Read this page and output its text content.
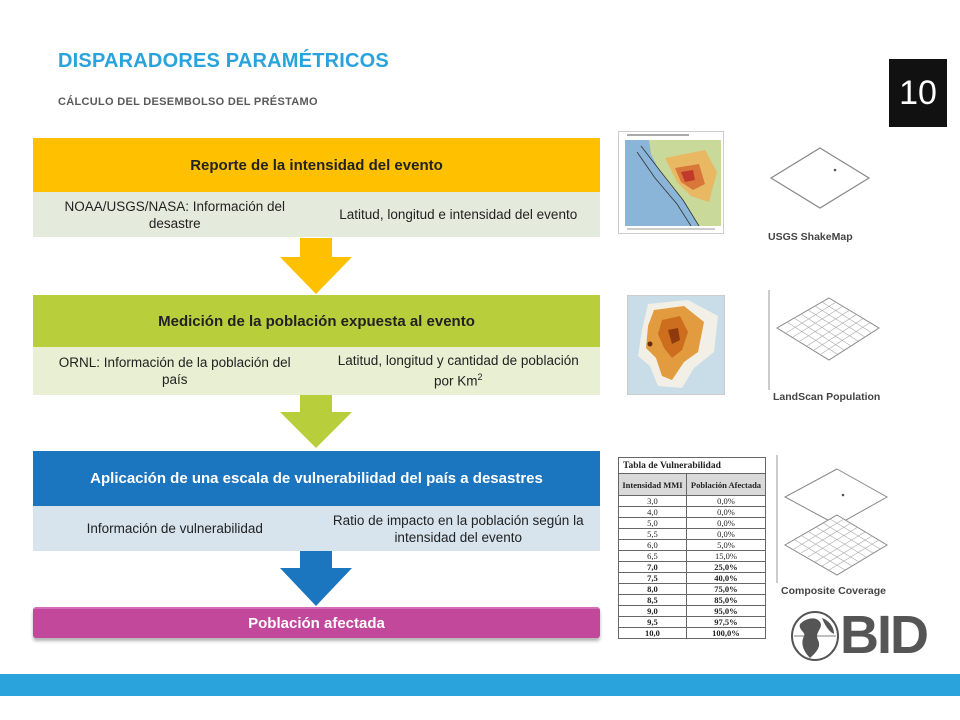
DISPARADORES PARAMÉTRICOS
CÁLCULO DEL DESEMBOLSO DEL PRÉSTAMO	10
Reporte de la intensidad del evento
NOAA/USGS/NASA: Información del desastre
Latitud, longitud e intensidad del evento
Medición de la población expuesta al evento
ORNL: Información de la población del país
Latitud, longitud y cantidad de población por Km$^2$
Aplicación de una escala de vulnerabilidad del país a desastres
Información de vulnerabilidad
Ratio de impacto en la población según la intensidad del evento
Población afectada
USGS ShakeMap
LandScan Population
Tabla de Vulnerabilidad	
Intensidad MMI	Población Afectada
3,0	0,0%
4,0	0,0%
5,0	0,0%
5,5	0,0%
6,0	5,0%
6,5	15,0%
7,0	25,0%
7,5	40,0%
8,0	75,0%
8,5	85,0%
9,0	95,0%
9,5	97,5%
10,0	100,0%
Composite Coverage
BID
